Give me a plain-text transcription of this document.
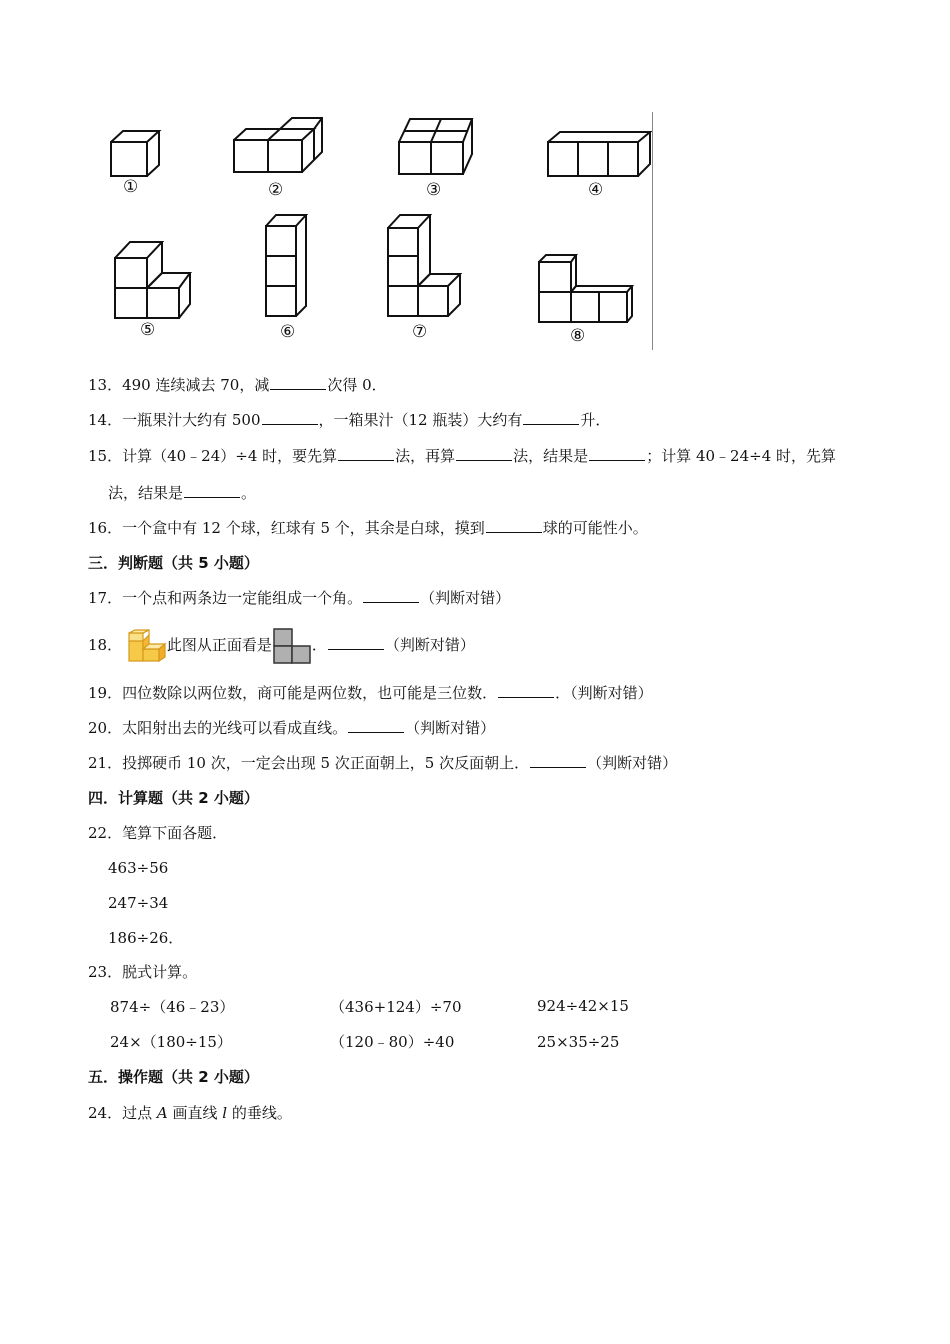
①	②	③	④
⑤	⑥	⑦	⑧
13．490 连续减去 70，减	次得 0．
14．一瓶果汁大约有 500	，一箱果汁（12 瓶装）大约有	升．
15．计算（40﹣24）÷4 时，要先算	法，再算	法，结果是	；计算 40﹣24÷4 时，先算
法，结果是	。
16．一个盒中有 12 个球，红球有 5 个，其余是白球，摸到	球的可能性小。
三．判断题（共 5 小题）
17．一个点和两条边一定能组成一个角。	（判断对错）
18．	此图从正面看是	．	（判断对错）
19．四位数除以两位数，商可能是两位数，也可能是三位数．	．（判断对错）
20．太阳射出去的光线可以看成直线。	（判断对错）
21．投掷硬币 10 次，一定会出现 5 次正面朝上，5 次反面朝上．	（判断对错）
四．计算题（共 2 小题）
22．笔算下面各题．
463÷56
247÷34
186÷26．
23．脱式计算。
874÷（46﹣23）	（436+124）÷70	924÷42×15
24×（180÷15）	（120﹣80）÷40	25×35÷25
五．操作题（共 2 小题）
24．过点 A 画直线 l 的垂线。
